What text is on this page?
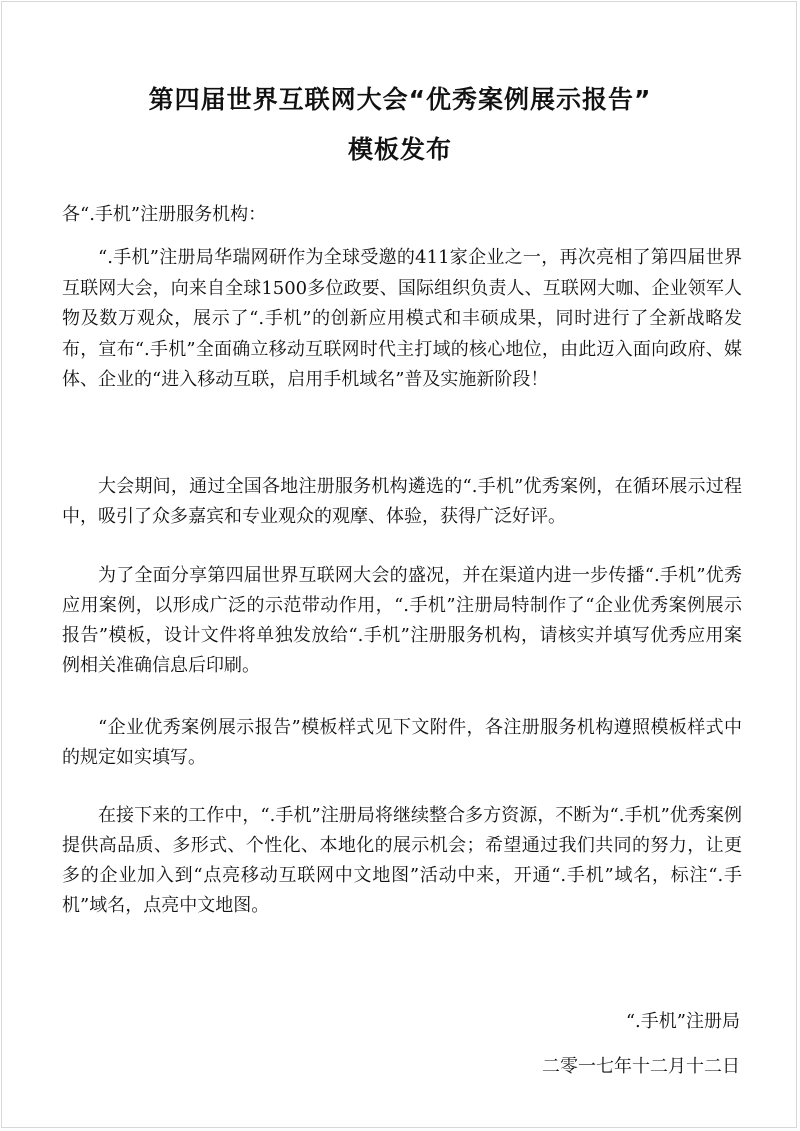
第四届世界互联网大会“优秀案例展示报告”
模板发布
各“.手机”注册服务机构：
“.手机”注册局华瑞网研作为全球受邀的411家企业之一，再次亮相了第四届世界互联网大会，向来自全球1500多位政要、国际组织负责人、互联网大咖、企业领军人物及数万观众，展示了“.手机”的创新应用模式和丰硕成果，同时进行了全新战略发布，宣布“.手机”全面确立移动互联网时代主打域的核心地位，由此迈入面向政府、媒体、企业的“进入移动互联，启用手机域名”普及实施新阶段！
大会期间，通过全国各地注册服务机构遴选的“.手机”优秀案例，在循环展示过程中，吸引了众多嘉宾和专业观众的观摩、体验，获得广泛好评。
为了全面分享第四届世界互联网大会的盛况，并在渠道内进一步传播“.手机”优秀应用案例，以形成广泛的示范带动作用，“.手机”注册局特制作了“企业优秀案例展示报告”模板，设计文件将单独发放给“.手机”注册服务机构，请核实并填写优秀应用案例相关准确信息后印刷。
“企业优秀案例展示报告”模板样式见下文附件，各注册服务机构遵照模板样式中的规定如实填写。
在接下来的工作中，“.手机”注册局将继续整合多方资源，不断为“.手机”优秀案例提供高品质、多形式、个性化、本地化的展示机会；希望通过我们共同的努力，让更多的企业加入到“点亮移动互联网中文地图”活动中来，开通“.手机”域名，标注“.手机”域名，点亮中文地图。
“.手机”注册局
二零一七年十二月十二日
